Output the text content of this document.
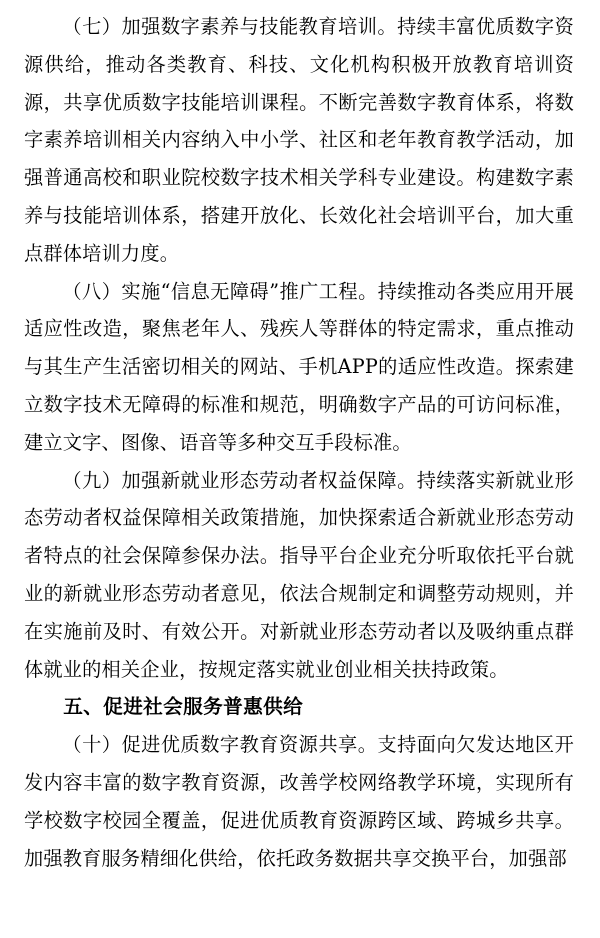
（七）加强数字素养与技能教育培训。持续丰富优质数字资源供给，推动各类教育、科技、文化机构积极开放教育培训资源，共享优质数字技能培训课程。不断完善数字教育体系，将数字素养培训相关内容纳入中小学、社区和老年教育教学活动，加强普通高校和职业院校数字技术相关学科专业建设。构建数字素养与技能培训体系，搭建开放化、长效化社会培训平台，加大重点群体培训力度。

（八）实施“信息无障碍”推广工程。持续推动各类应用开展适应性改造，聚焦老年人、残疾人等群体的特定需求，重点推动与其生产生活密切相关的网站、手机APP的适应性改造。探索建立数字技术无障碍的标准和规范，明确数字产品的可访问标准，建立文字、图像、语音等多种交互手段标准。

（九）加强新就业形态劳动者权益保障。持续落实新就业形态劳动者权益保障相关政策措施，加快探索适合新就业形态劳动者特点的社会保障参保办法。指导平台企业充分听取依托平台就业的新就业形态劳动者意见，依法合规制定和调整劳动规则，并在实施前及时、有效公开。对新就业形态劳动者以及吸纳重点群体就业的相关企业，按规定落实就业创业相关扶持政策。

五、促进社会服务普惠供给

（十）促进优质数字教育资源共享。支持面向欠发达地区开发内容丰富的数字教育资源，改善学校网络教学环境，实现所有学校数字校园全覆盖，促进优质教育资源跨区域、跨城乡共享。加强教育服务精细化供给，依托政务数据共享交换平台，加强部
